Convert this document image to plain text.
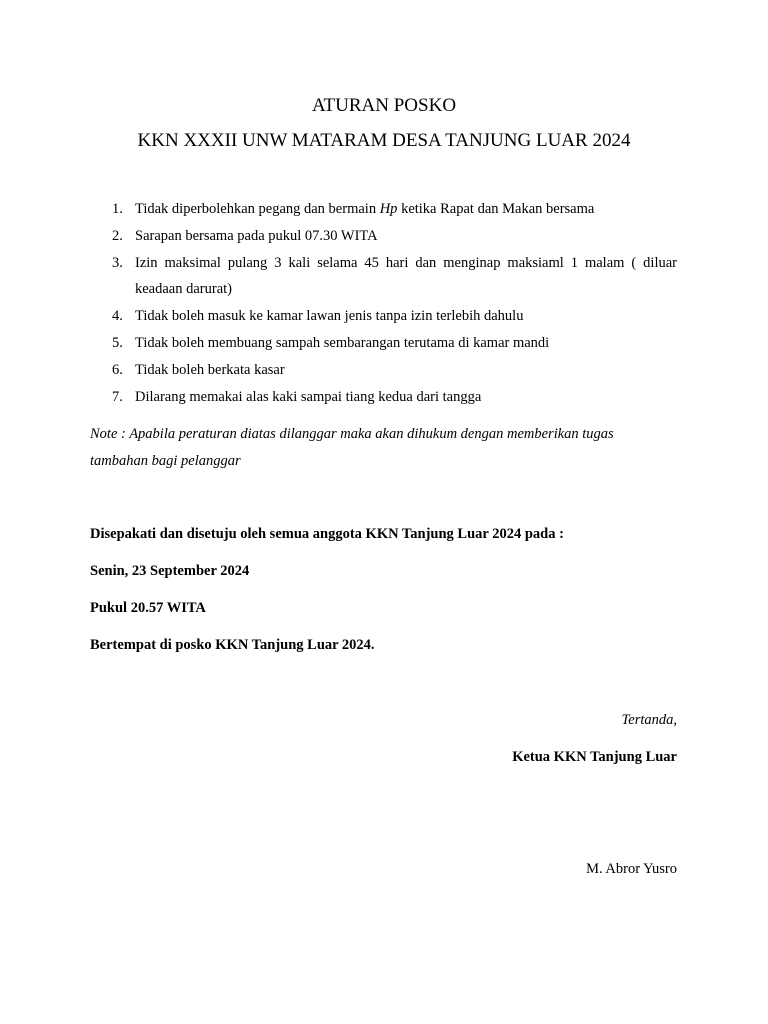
ATURAN POSKO
KKN XXXII UNW MATARAM DESA TANJUNG LUAR 2024
1. Tidak diperbolehkan pegang dan bermain Hp ketika Rapat dan Makan bersama
2. Sarapan bersama pada pukul 07.30 WITA
3. Izin maksimal pulang 3 kali selama 45 hari dan menginap maksiaml 1 malam ( diluar keadaan darurat)
4. Tidak boleh masuk ke kamar lawan jenis tanpa izin terlebih dahulu
5. Tidak boleh membuang sampah sembarangan terutama di kamar mandi
6. Tidak boleh berkata kasar
7. Dilarang memakai alas kaki sampai tiang kedua dari tangga
Note : Apabila peraturan diatas dilanggar maka akan dihukum dengan memberikan tugas tambahan bagi pelanggar
Disepakati dan disetuju oleh semua anggota KKN Tanjung Luar 2024 pada :
Senin, 23 September 2024
Pukul 20.57 WITA
Bertempat di posko KKN Tanjung Luar 2024.
Tertanda,
Ketua KKN Tanjung Luar
M. Abror Yusro
